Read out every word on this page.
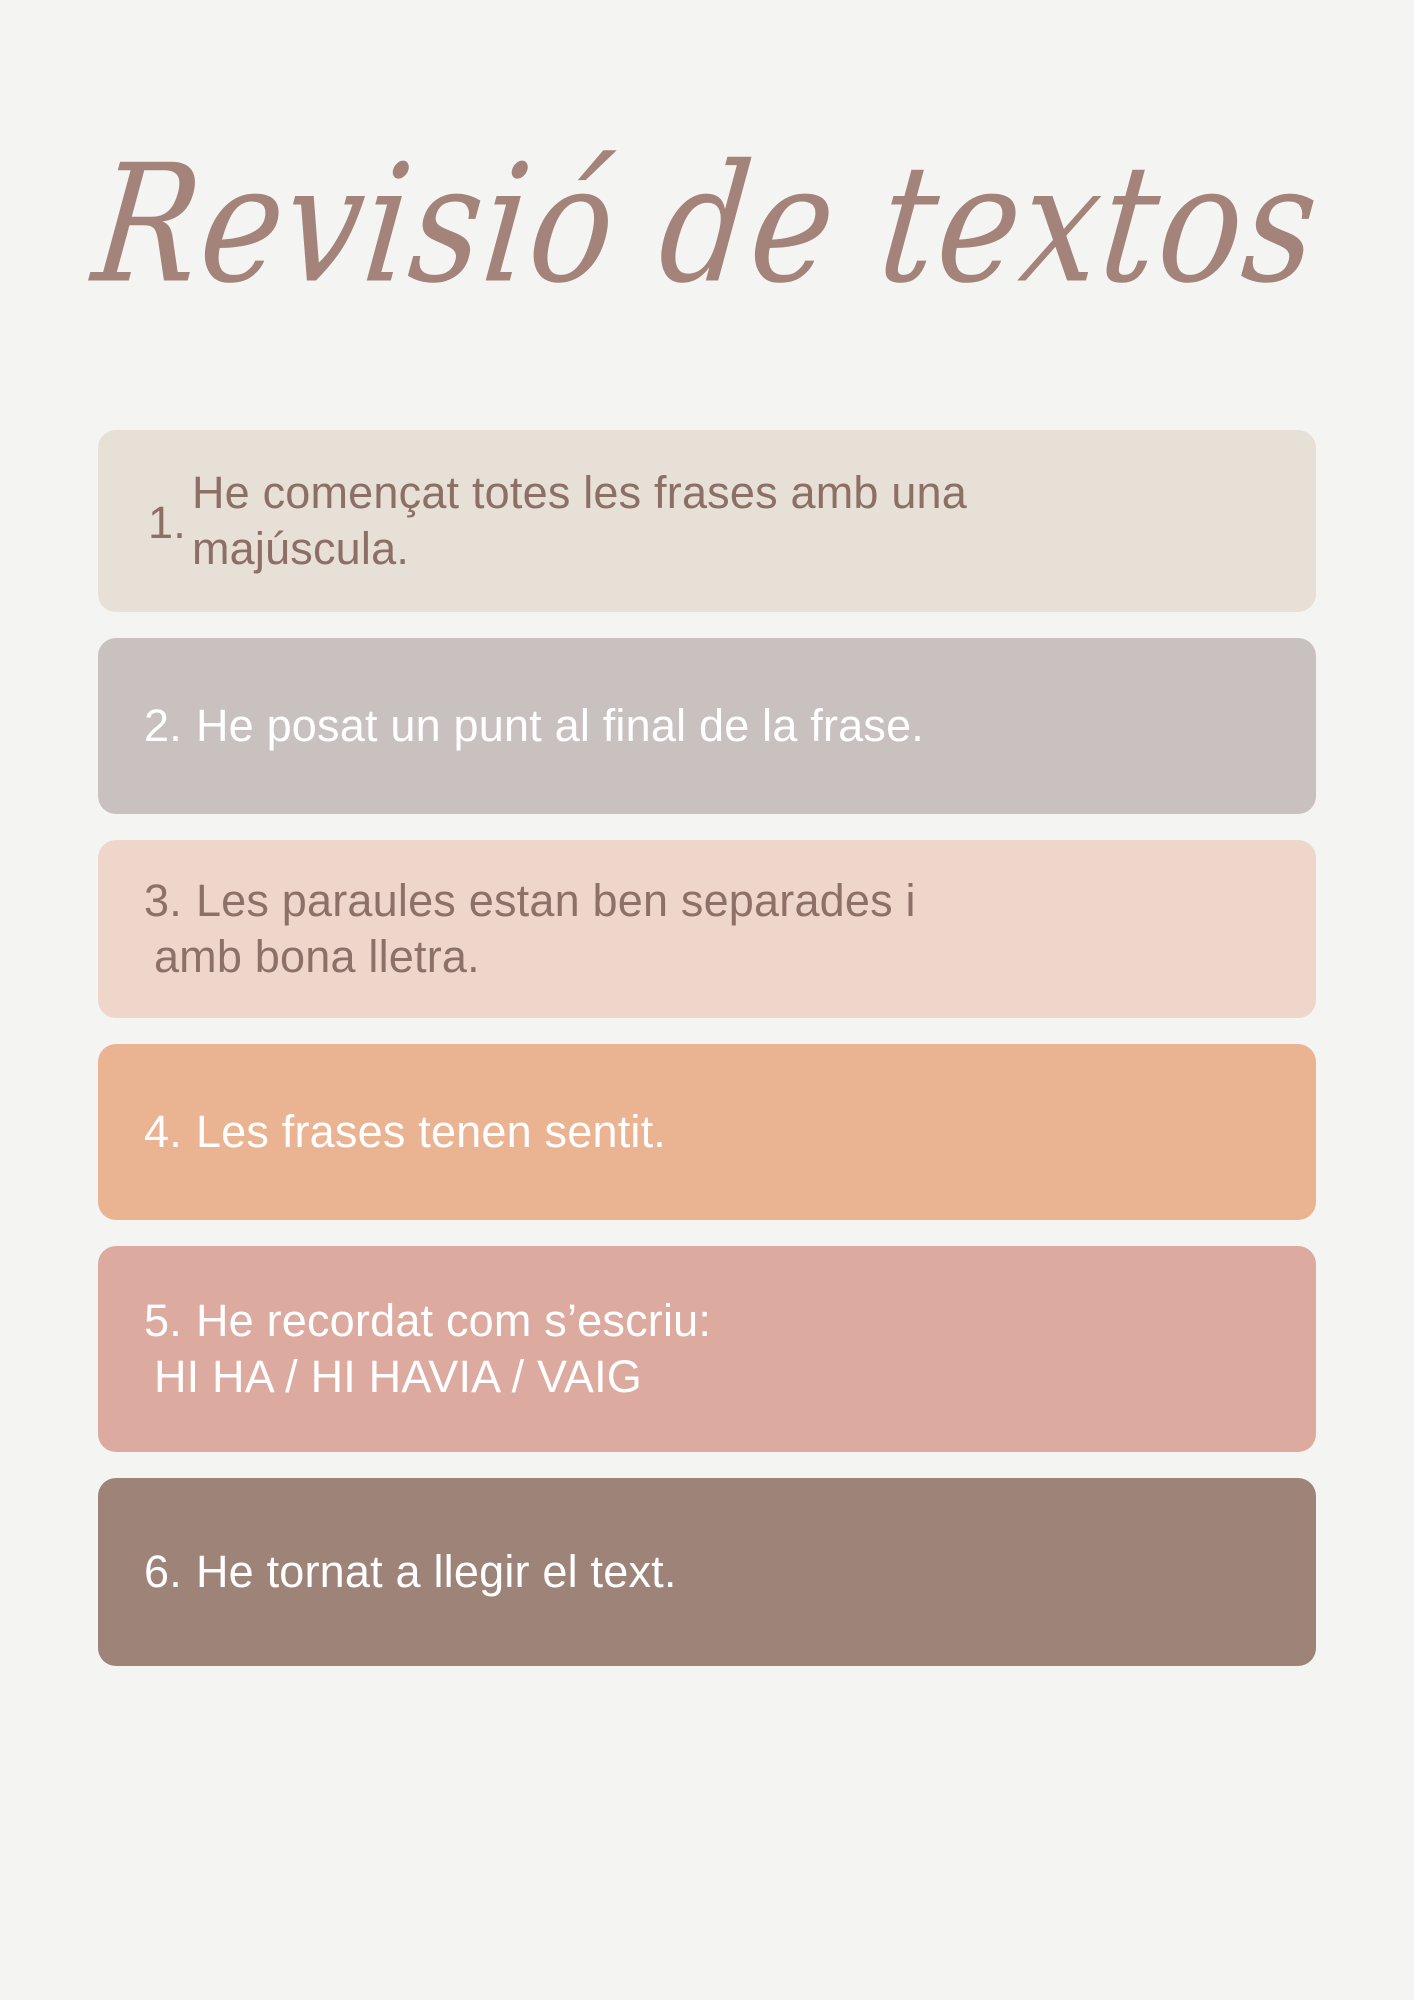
Revisió de textos
1.
He començat totes les frases amb una
majúscula.
2. He posat un punt al final de la frase.
3. Les paraules estan ben separades i
amb bona lletra.
4. Les frases tenen sentit.
5. He recordat com s’escriu:
HI HA / HI HAVIA / VAIG
6. He tornat a llegir el text.
